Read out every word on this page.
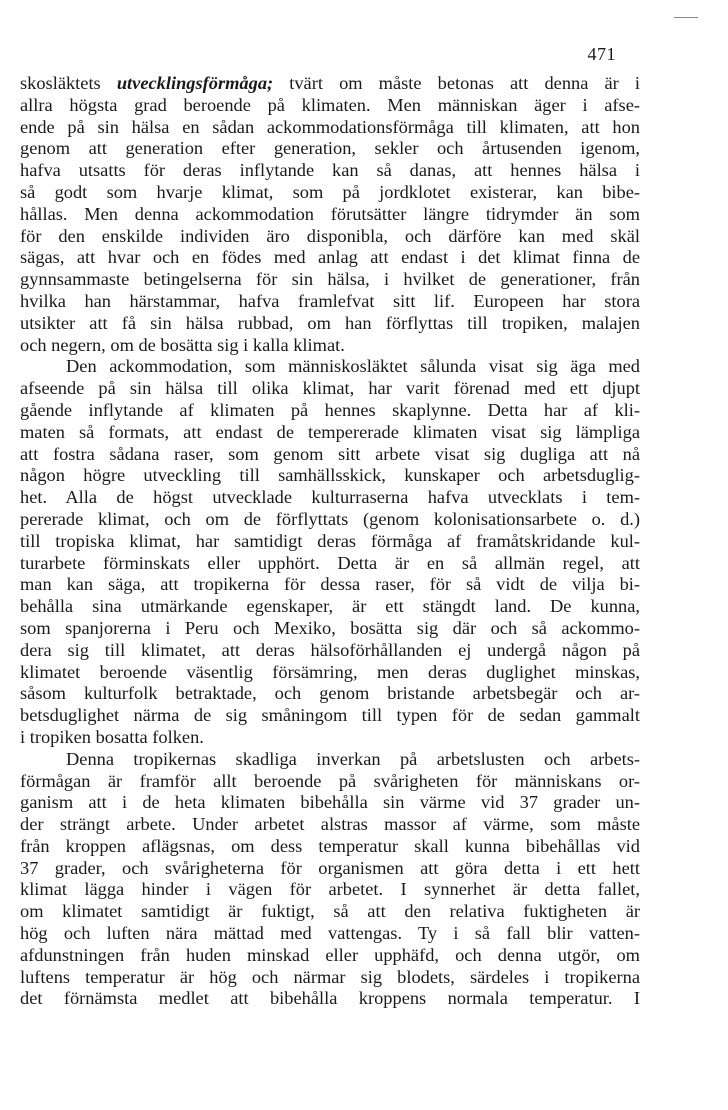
471
skosläktets utvecklingsförmåga; tvärt om måste betonas att denna är i
allra högsta grad beroende på klimaten. Men människan äger i afse-
ende på sin hälsa en sådan ackommodationsförmåga till klimaten, att hon
genom att generation efter generation, sekler och årtusenden igenom,
hafva utsatts för deras inflytande kan så danas, att hennes hälsa i
så godt som hvarje klimat, som på jordklotet existerar, kan bibe-
hållas. Men denna ackommodation förutsätter längre tidrymder än som
för den enskilde individen äro disponibla, och därföre kan med skäl
sägas, att hvar och en födes med anlag att endast i det klimat finna de
gynnsammaste betingelserna för sin hälsa, i hvilket de generationer, från
hvilka han härstammar, hafva framlefvat sitt lif. Europeen har stora
utsikter att få sin hälsa rubbad, om han förflyttas till tropiken, malajen
och negern, om de bosätta sig i kalla klimat.
Den ackommodation, som människosläktet sålunda visat sig äga med
afseende på sin hälsa till olika klimat, har varit förenad med ett djupt
gående inflytande af klimaten på hennes skaplynne. Detta har af kli-
maten så formats, att endast de tempererade klimaten visat sig lämpliga
att fostra sådana raser, som genom sitt arbete visat sig dugliga att nå
någon högre utveckling till samhällsskick, kunskaper och arbetsduglig-
het. Alla de högst utvecklade kulturraserna hafva utvecklats i tem-
pererade klimat, och om de förflyttats (genom kolonisationsarbete o. d.)
till tropiska klimat, har samtidigt deras förmåga af framåtskridande kul-
turarbete förminskats eller upphört. Detta är en så allmän regel, att
man kan säga, att tropikerna för dessa raser, för så vidt de vilja bi-
behålla sina utmärkande egenskaper, är ett stängdt land. De kunna,
som spanjorerna i Peru och Mexiko, bosätta sig där och så ackommo-
dera sig till klimatet, att deras hälsoförhållanden ej undergå någon på
klimatet beroende väsentlig försämring, men deras duglighet minskas,
såsom kulturfolk betraktade, och genom bristande arbetsbegär och ar-
betsduglighet närma de sig småningom till typen för de sedan gammalt
i tropiken bosatta folken.
Denna tropikernas skadliga inverkan på arbetslusten och arbets-
förmågan är framför allt beroende på svårigheten för människans or-
ganism att i de heta klimaten bibehålla sin värme vid 37 grader un-
der strängt arbete. Under arbetet alstras massor af värme, som måste
från kroppen aflägsnas, om dess temperatur skall kunna bibehållas vid
37 grader, och svårigheterna för organismen att göra detta i ett hett
klimat lägga hinder i vägen för arbetet. I synnerhet är detta fallet,
om klimatet samtidigt är fuktigt, så att den relativa fuktigheten är
hög och luften nära mättad med vattengas. Ty i så fall blir vatten-
afdunstningen från huden minskad eller upphäfd, och denna utgör, om
luftens temperatur är hög och närmar sig blodets, särdeles i tropikerna
det förnämsta medlet att bibehålla kroppens normala temperatur. I
